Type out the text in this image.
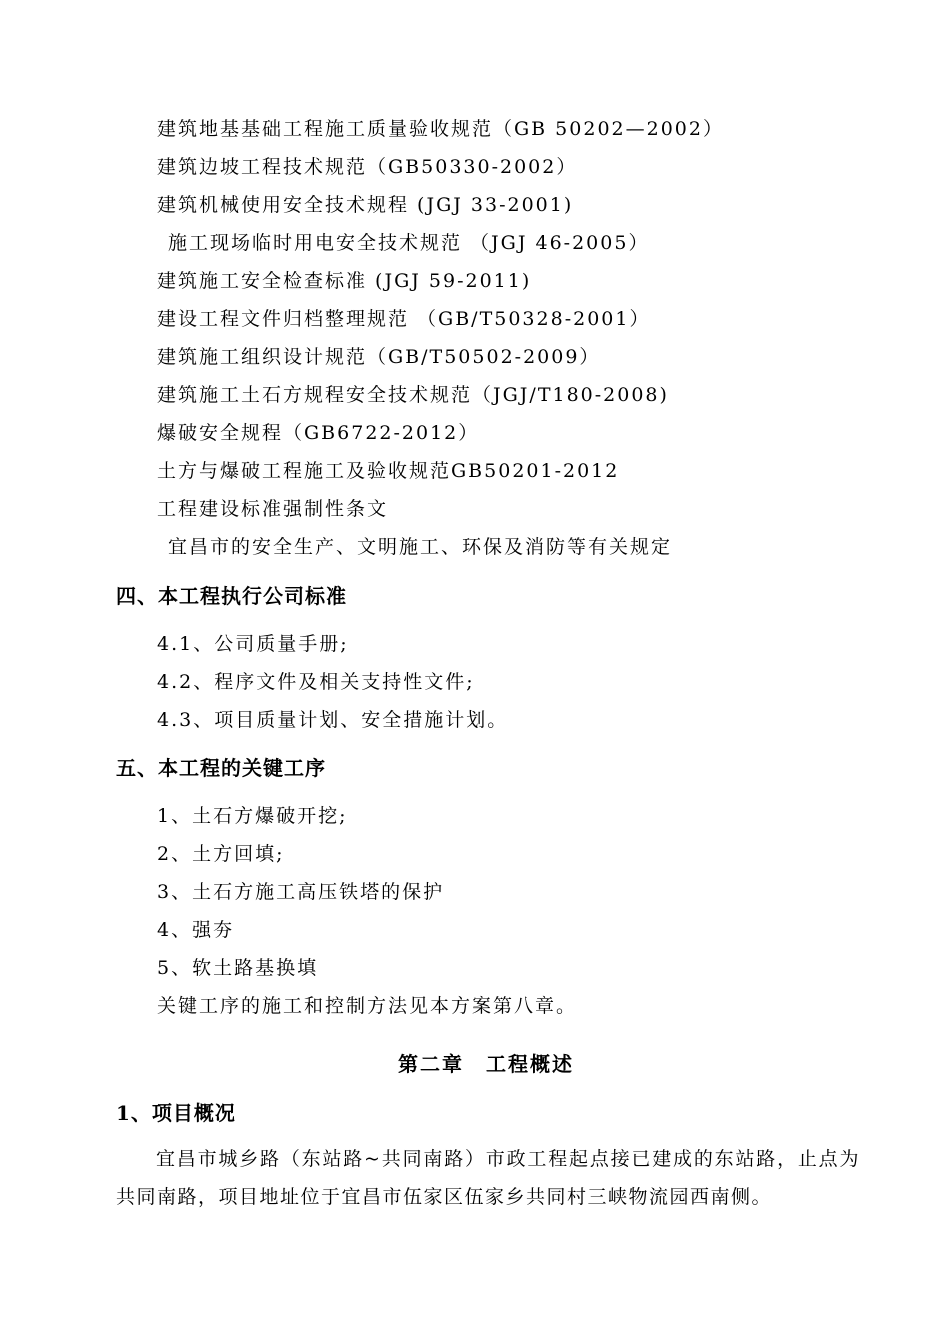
建筑地基基础工程施工质量验收规范（GB 50202—2002）
建筑边坡工程技术规范（GB50330-2002）
建筑机械使用安全技术规程 (JGJ 33-2001)
施工现场临时用电安全技术规范 （JGJ 46-2005）
建筑施工安全检查标准 (JGJ 59-2011)
建设工程文件归档整理规范 （GB/T50328-2001）
建筑施工组织设计规范（GB/T50502-2009）
建筑施工土石方规程安全技术规范（JGJ/T180-2008)
爆破安全规程（GB6722-2012）
土方与爆破工程施工及验收规范GB50201-2012
工程建设标准强制性条文
宜昌市的安全生产、文明施工、环保及消防等有关规定
四、本工程执行公司标准
4.1、公司质量手册;
4.2、程序文件及相关支持性文件;
4.3、项目质量计划、安全措施计划。
五、本工程的关键工序
1、土石方爆破开挖;
2、土方回填;
3、土石方施工高压铁塔的保护
4、强夯
5、软土路基换填
关键工序的施工和控制方法见本方案第八章。
第二章　工程概述
1、项目概况
宜昌市城乡路（东站路~共同南路）市政工程起点接已建成的东站路，止点为共同南路，项目地址位于宜昌市伍家区伍家乡共同村三峡物流园西南侧。
